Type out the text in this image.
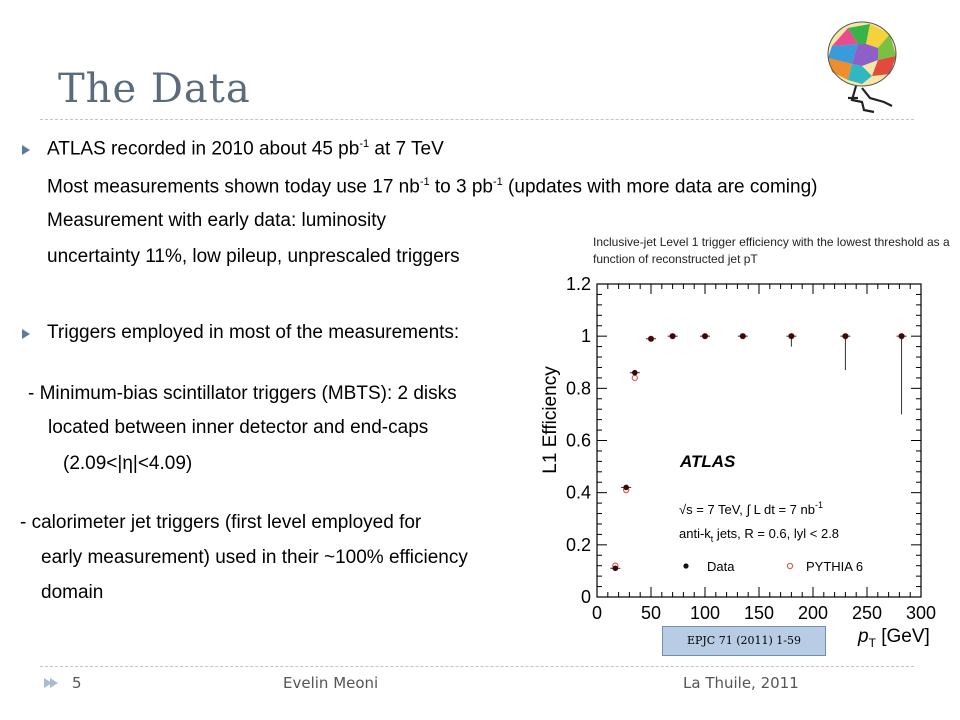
The Data
ATLAS recorded in 2010 about 45 $pb^{-1}$ at 7 TeV
Most measurements shown today use 17 $nb^{-1}$ to 3 $pb^{-1}$ (updates with more data are coming)
Measurement with early data: luminosity
uncertainty 11%, low pileup, unprescaled triggers
Triggers employed in most of the measurements:
- Minimum-bias scintillator triggers (MBTS): 2 disks
located between inner detector and end-caps
(2.09<|η|<4.09)
- calorimeter jet triggers (first level employed for
early measurement) used in their ~100% efficiency
domain
Inclusive-jet Level 1 trigger efficiency with the lowest threshold as a function of reconstructed jet pT
0 50 100 150 200 250 300
0
0.2
0.4
0.6
0.8
1
1.2
L1 Efficiency
$p_T$ [GeV]
ATLAS
√s = 7 TeV, ∫ L dt = 7 $nb^{-1}$
anti-$k_t$ jets, R = 0.6, lyl < 2.8
Data	PYTHIA 6
EPJC 71 (2011) 1-59
5	Evelin Meoni	La Thuile, 2011
